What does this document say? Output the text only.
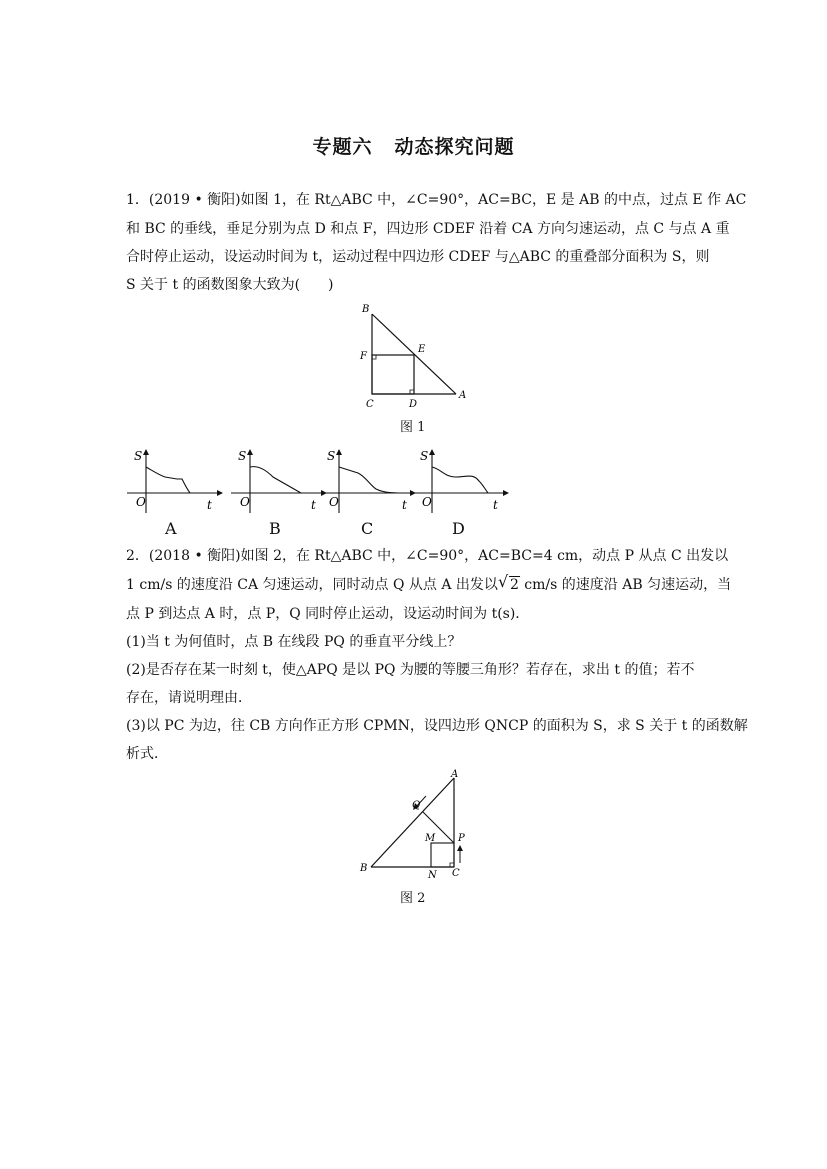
专题六 动态探究问题
1．(2019 • 衡阳)如图 1，在 Rt△ABC 中，∠C=90°，AC=BC，E 是 AB 的中点，过点 E 作 AC
和 BC 的垂线，垂足分别为点 D 和点 F，四边形 CDEF 沿着 CA 方向匀速运动，点 C 与点 A 重
合时停止运动，设运动时间为 t，运动过程中四边形 CDEF 与△ABC 的重叠部分面积为 S，则
S 关于 t 的函数图象大致为(　　)
B
E
F
C	D
A
图 1
S
t
O
S
t
O
S
t
O
S
t
O
A	B	C	D
2．(2018 • 衡阳)如图 2，在 Rt△ABC 中，∠C=90°，AC=BC=4 cm，动点 P 从点 C 出发以
1 cm/s 的速度沿 CA 匀速运动，同时动点 Q 从点 A 出发以 √ 2 cm/s 的速度沿 AB 匀速运动，当
点 P 到达点 A 时，点 P，Q 同时停止运动，设运动时间为 t(s)．
(1)当 t 为何值时，点 B 在线段 PQ 的垂直平分线上？
(2)是否存在某一时刻 t，使△APQ 是以 PQ 为腰的等腰三角形？若存在，求出 t 的值；若不
存在，请说明理由．
(3)以 PC 为边，往 CB 方向作正方形 CPMN，设四边形 QNCP 的面积为 S，求 S 关于 t 的函数解
析式．
A
Q
M P
B
N C
图 2
